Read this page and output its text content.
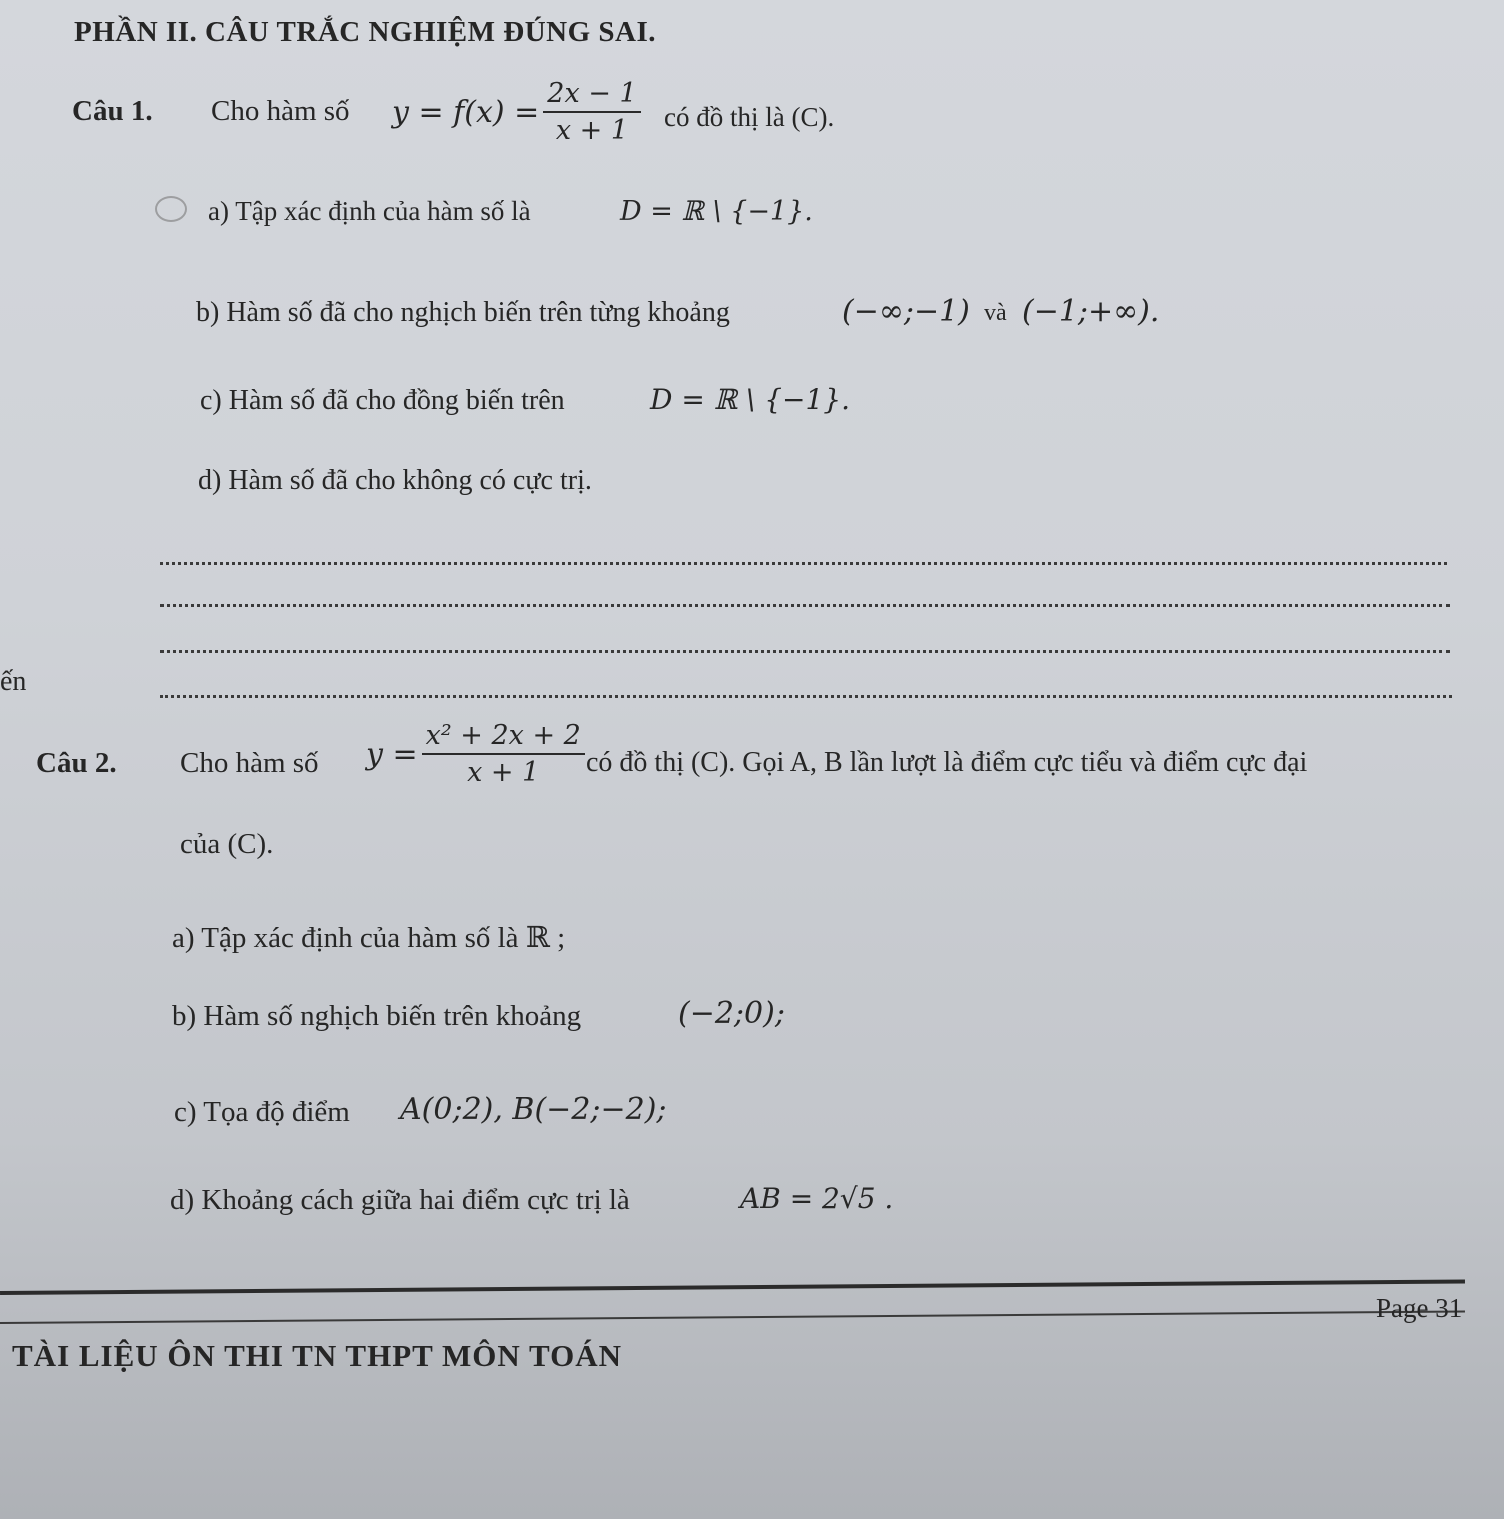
PHẦN II. CÂU TRẮC NGHIỆM ĐÚNG SAI.
Câu 1. Cho hàm số $y = f(x) = \frac{2x - 1}{x + 1}$ có đồ thị là (C).
a) Tập xác định của hàm số là	D = ℝ \ {−1}.
b) Hàm số đã cho nghịch biến trên từng khoảng	(−∞;−1) và (−1;+∞).
c) Hàm số đã cho đồng biến trên	D = ℝ \ {−1}.
d) Hàm số đã cho không có cực trị.
ến
Câu 2. Cho hàm số $y = \frac{\text{x² + 2x + 2}}{x + 1}$ có đồ thị (C). Gọi A, B lần lượt là điểm cực tiểu và điểm cực đại
của (C).
a) Tập xác định của hàm số là ℝ ;
b) Hàm số nghịch biến trên khoảng	(−2;0);
c) Tọa độ điểm A(0;2), B(−2;−2);
d) Khoảng cách giữa hai điểm cực trị là	AB = 2√5 .
Page 31
TÀI LIỆU ÔN THI TN THPT MÔN TOÁN
